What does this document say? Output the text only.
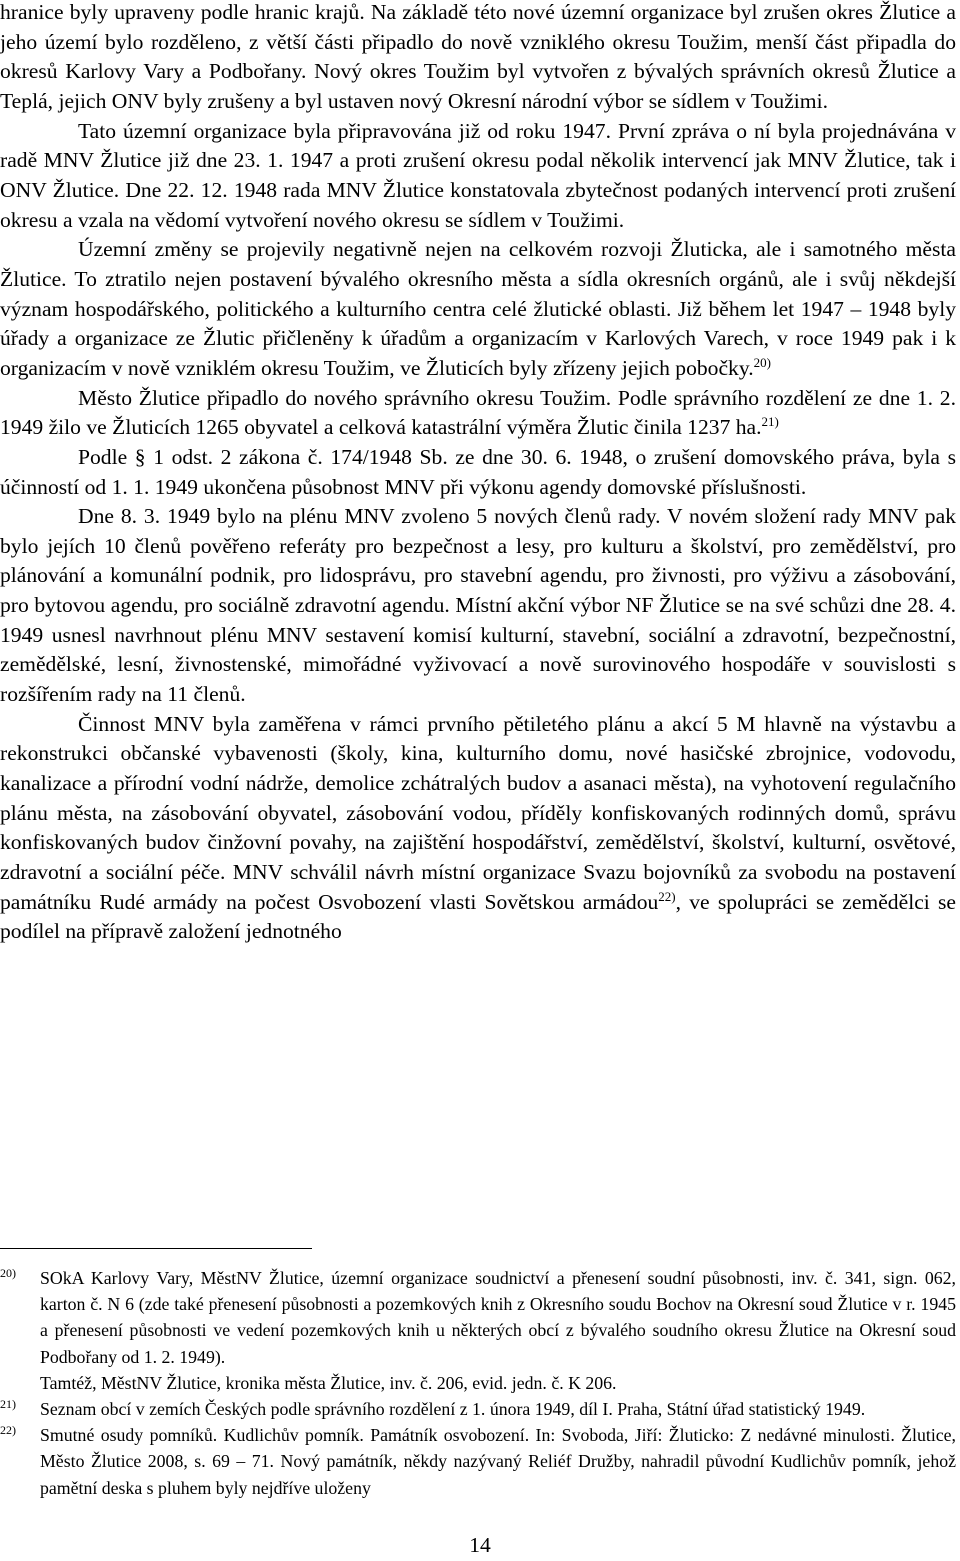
hranice byly upraveny podle hranic krajů. Na základě této nové územní organizace byl zrušen okres Žlutice a jeho území bylo rozděleno, z větší části připadlo do nově vzniklého okresu Toužim, menší část připadla do okresů Karlovy Vary a Podbořany. Nový okres Toužim byl vytvořen z bývalých správních okresů Žlutice a Teplá, jejich ONV byly zrušeny a byl ustaven nový Okresní národní výbor se sídlem v Toužimi.

Tato územní organizace byla připravována již od roku 1947. První zpráva o ní byla projednávána v radě MNV Žlutice již dne 23. 1. 1947 a proti zrušení okresu podal několik intervencí jak MNV Žlutice, tak i ONV Žlutice. Dne 22. 12. 1948 rada MNV Žlutice konstatovala zbytečnost podaných intervencí proti zrušení okresu a vzala na vědomí vytvoření nového okresu se sídlem v Toužimi.

Územní změny se projevily negativně nejen na celkovém rozvoji Žluticka, ale i samotného města Žlutice. To ztratilo nejen postavení bývalého okresního města a sídla okresních orgánů, ale i svůj někdejší význam hospodářského, politického a kulturního centra celé žlutické oblasti. Již během let 1947 – 1948 byly úřady a organizace ze Žlutic přičleněny k úřadům a organizacím v Karlových Varech, v roce 1949 pak i k organizacím v nově vzniklém okresu Toužim, ve Žluticích byly zřízeny jejich pobočky.$^{20)}$

Město Žlutice připadlo do nového správního okresu Toužim. Podle správního rozdělení ze dne 1. 2. 1949 žilo ve Žluticích 1265 obyvatel a celková katastrální výměra Žlutic činila 1237 ha.$^{21)}$

Podle § 1 odst. 2 zákona č. 174/1948 Sb. ze dne 30. 6. 1948, o zrušení domovského práva, byla s účinností od 1. 1. 1949 ukončena působnost MNV při výkonu agendy domovské příslušnosti.

Dne 8. 3. 1949 bylo na plénu MNV zvoleno 5 nových členů rady. V novém složení rady MNV pak bylo jejích 10 členů pověřeno referáty pro bezpečnost a lesy, pro kulturu a školství, pro zemědělství, pro plánování a komunální podnik, pro lidosprávu, pro stavební agendu, pro živnosti, pro výživu a zásobování, pro bytovou agendu, pro sociálně zdravotní agendu. Místní akční výbor NF Žlutice se na své schůzi dne 28. 4. 1949 usnesl navrhnout plénu MNV sestavení komisí kulturní, stavební, sociální a zdravotní, bezpečnostní, zemědělské, lesní, živnostenské, mimořádné vyživovací a nově surovinového hospodáře v souvislosti s rozšířením rady na 11 členů.

Činnost MNV byla zaměřena v rámci prvního pětiletého plánu a akcí 5 M hlavně na výstavbu a rekonstrukci občanské vybavenosti (školy, kina, kulturního domu, nové hasičské zbrojnice, vodovodu, kanalizace a přírodní vodní nádrže, demolice zchátralých budov a asanaci města), na vyhotovení regulačního plánu města, na zásobování obyvatel, zásobování vodou, příděly konfiskovaných rodinných domů, správu konfiskovaných budov činžovní povahy, na zajištění hospodářství, zemědělství, školství, kulturní, osvětové, zdravotní a sociální péče. MNV schválil návrh místní organizace Svazu bojovníků za svobodu na postavení památníku Rudé armády na počest Osvobození vlasti Sovětskou armádou$^{22)}$, ve spolupráci se zemědělci se podílel na přípravě založení jednotného

20)	SOkA Karlovy Vary, MěstNV Žlutice, územní organizace soudnictví a přenesení soudní působnosti, inv. č. 341, sign. 062, karton č. N 6 (zde také přenesení působnosti a pozemkových knih z Okresního soudu Bochov na Okresní soud Žlutice v r. 1945 a přenesení působnosti ve vedení pozemkových knih u některých obcí z bývalého soudního okresu Žlutice na Okresní soud Podbořany od 1. 2. 1949).
Tamtéž, MěstNV Žlutice, kronika města Žlutice, inv. č. 206, evid. jedn. č. K 206.
21)	Seznam obcí v zemích Českých podle správního rozdělení z 1. února 1949, díl I. Praha, Státní úřad statistický 1949.
22)	Smutné osudy pomníků. Kudlichův pomník. Památník osvobození. In: Svoboda, Jiří: Žluticko: Z nedávné minulosti. Žlutice, Město Žlutice 2008, s. 69 – 71. Nový památník, někdy nazývaný Reliéf Družby, nahradil původní Kudlichův pomník, jehož pamětní deska s pluhem byly nejdříve uloženy
14
